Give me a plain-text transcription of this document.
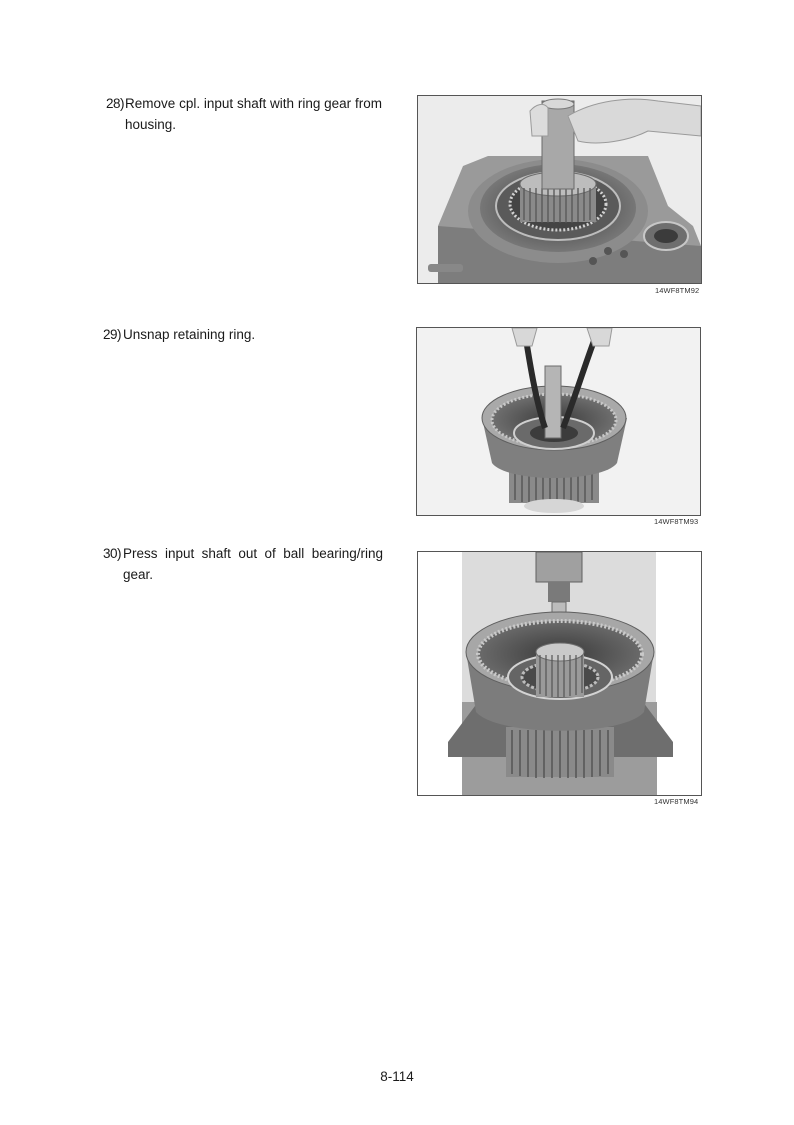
28) Remove cpl. input shaft with ring gear from housing.
29) Unsnap retaining ring.
30) Press input shaft out of ball bearing/ring gear.
14WF8TM92
14WF8TM93
14WF8TM94
8-114
